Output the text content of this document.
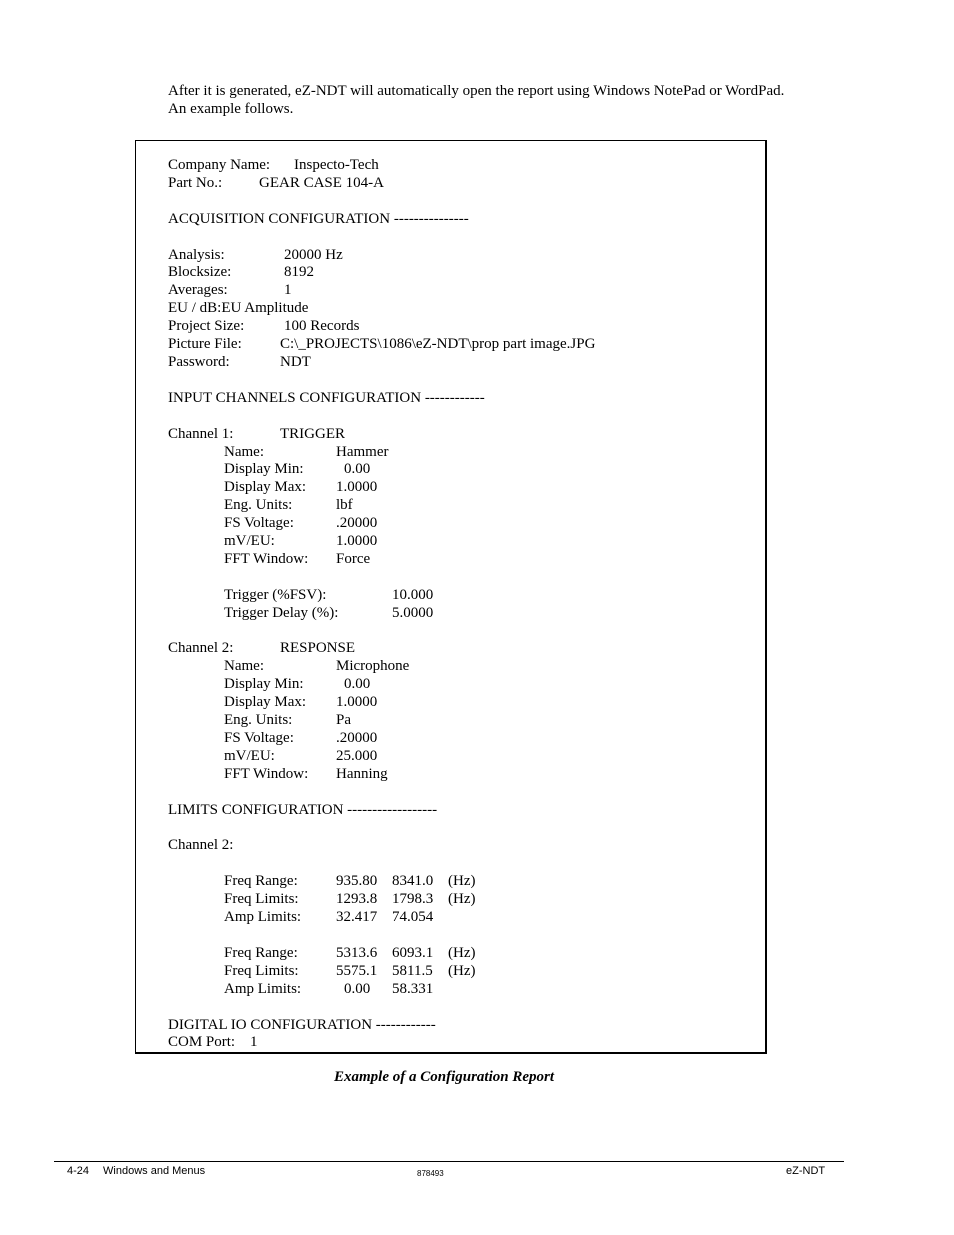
After it is generated, eZ-NDT will automatically open the report using Windows NotePad or WordPad.

An example follows.

Company Name: Inspecto-Tech
Part No.: GEAR CASE 104-A
ACQUISITION CONFIGURATION ---------------
Analysis:	20000 Hz
Blocksize:	8192
Averages:	1
EU / dB:EU Amplitude
Project Size:	100 Records
Picture File:	C:\_PROJECTS\1086\eZ-NDT\prop part image.JPG
Password:	NDT
INPUT CHANNELS CONFIGURATION ------------
Channel 1:	TRIGGER
Name:	Hammer
Display Min:	0.00
Display Max: 1.0000
Eng. Units:	lbf
FS Voltage:	.20000
mV/EU:	1.0000
FFT Window: Force
Trigger (%FSV):	10.000
Trigger Delay (%):	5.0000
Channel 2:	RESPONSE
Name:	Microphone
Display Min:	0.00
Display Max: 1.0000
Eng. Units:	Pa
FS Voltage:	.20000
mV/EU:	25.000
FFT Window: Hanning
LIMITS CONFIGURATION ------------------
Channel 2:
Freq Range:	935.80 8341.0 (Hz)
Freq Limits: 1293.8 1798.3 (Hz)
Amp Limits: 32.417 74.054
Freq Range:	5313.6 6093.1 (Hz)
Freq Limits: 5575.1 5811.5 (Hz)
Amp Limits:	0.00 58.331
DIGITAL IO CONFIGURATION ------------
COM Port: 1
Example of a Configuration Report
4-24 Windows and Menus	878493	eZ-NDT
